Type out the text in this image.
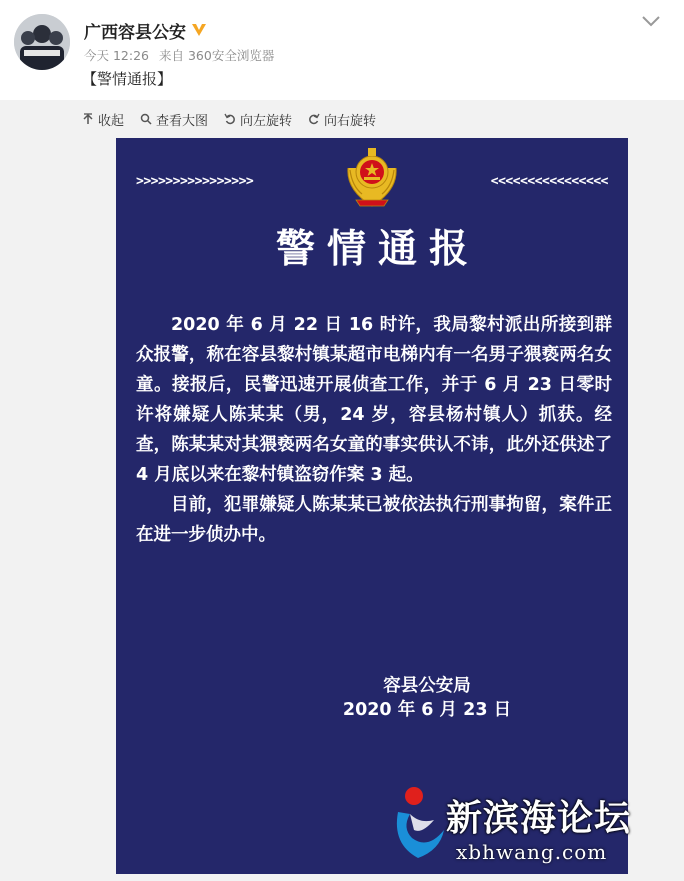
广西容县公安
今天 12:26 来自 360安全浏览器
【警情通报】
收起 查看大图 向左旋转 向右旋转
>>>>>>>>>>>>>>>>	<<<<<<<<<<<<<<<<
警情通报

2020 年 6 月 22 日 16 时许，我局黎村派出所接到群众报警，称在容县黎村镇某超市电梯内有一名男子猥亵两名女童。接报后，民警迅速开展侦查工作，并于 6 月 23 日零时许将嫌疑人陈某某（男，24 岁，容县杨村镇人）抓获。经查，陈某某对其猥亵两名女童的事实供认不讳，此外还供述了 4 月底以来在黎村镇盗窃作案 3 起。

目前，犯罪嫌疑人陈某某已被依法执行刑事拘留，案件正在进一步侦办中。

容县公安局
2020 年 6 月 23 日
新滨海论坛
xbhwang.com
